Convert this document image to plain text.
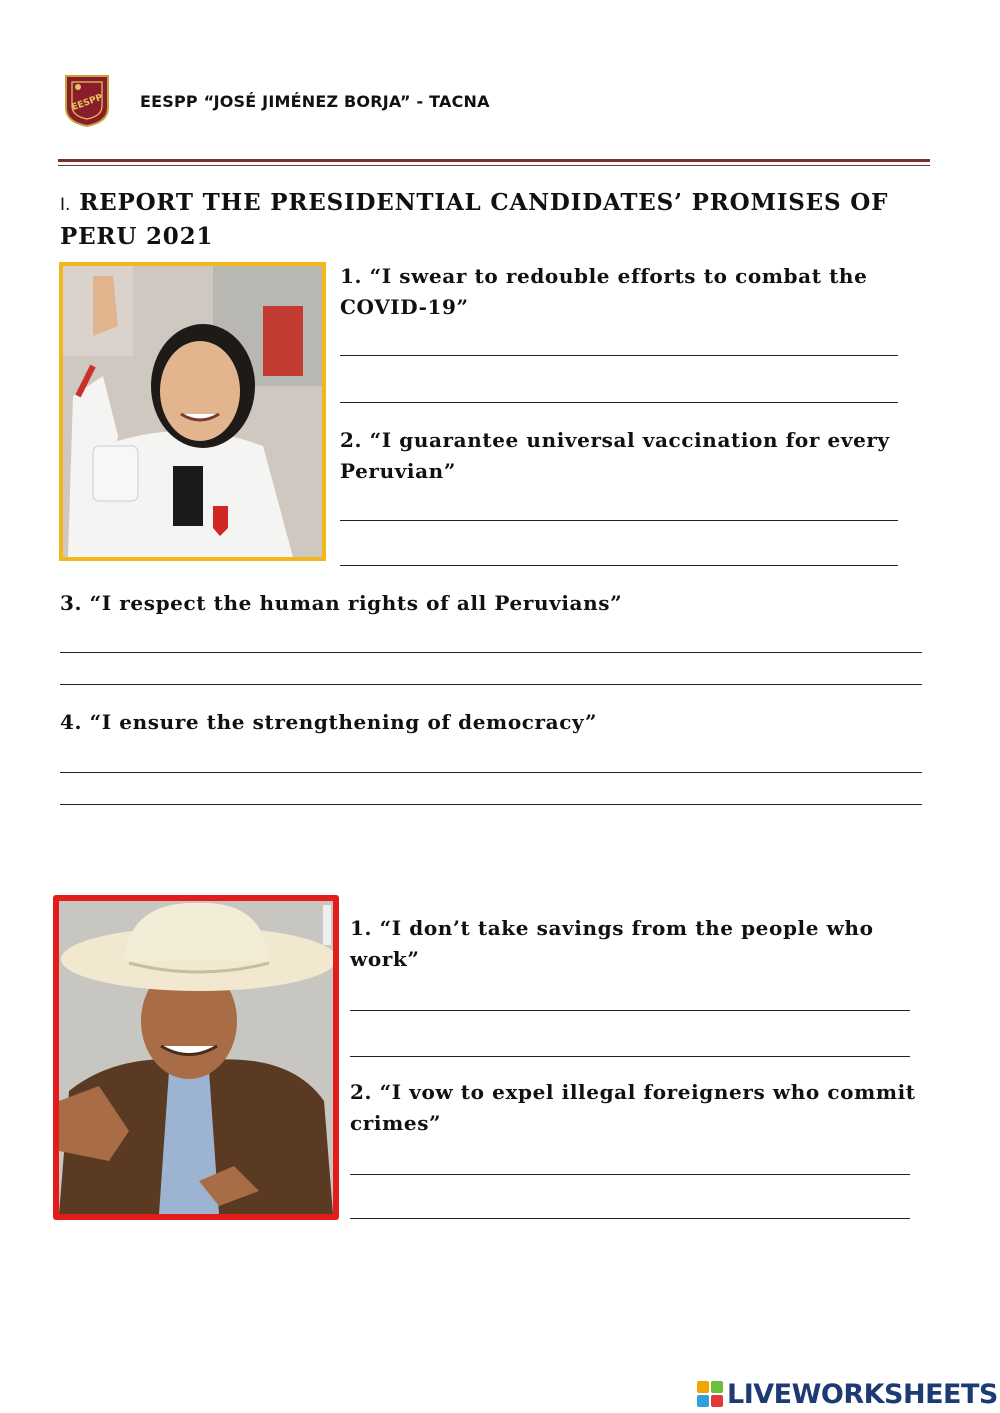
EESPP EESPP “JOSÉ JIMÉNEZ BORJA” - TACNA
I. REPORT THE PRESIDENTIAL CANDIDATES’ PROMISES OF PERU 2021

1. “I swear to redouble efforts to combat the COVID-19”

2. “I guarantee universal vaccination for every Peruvian”

3. “I respect the human rights of all Peruvians”

4. “I ensure the strengthening of democracy”

1. “I don’t take savings from the people who work”

2. “I vow to expel illegal foreigners who commit crimes”

LIVEWORKSHEETS
